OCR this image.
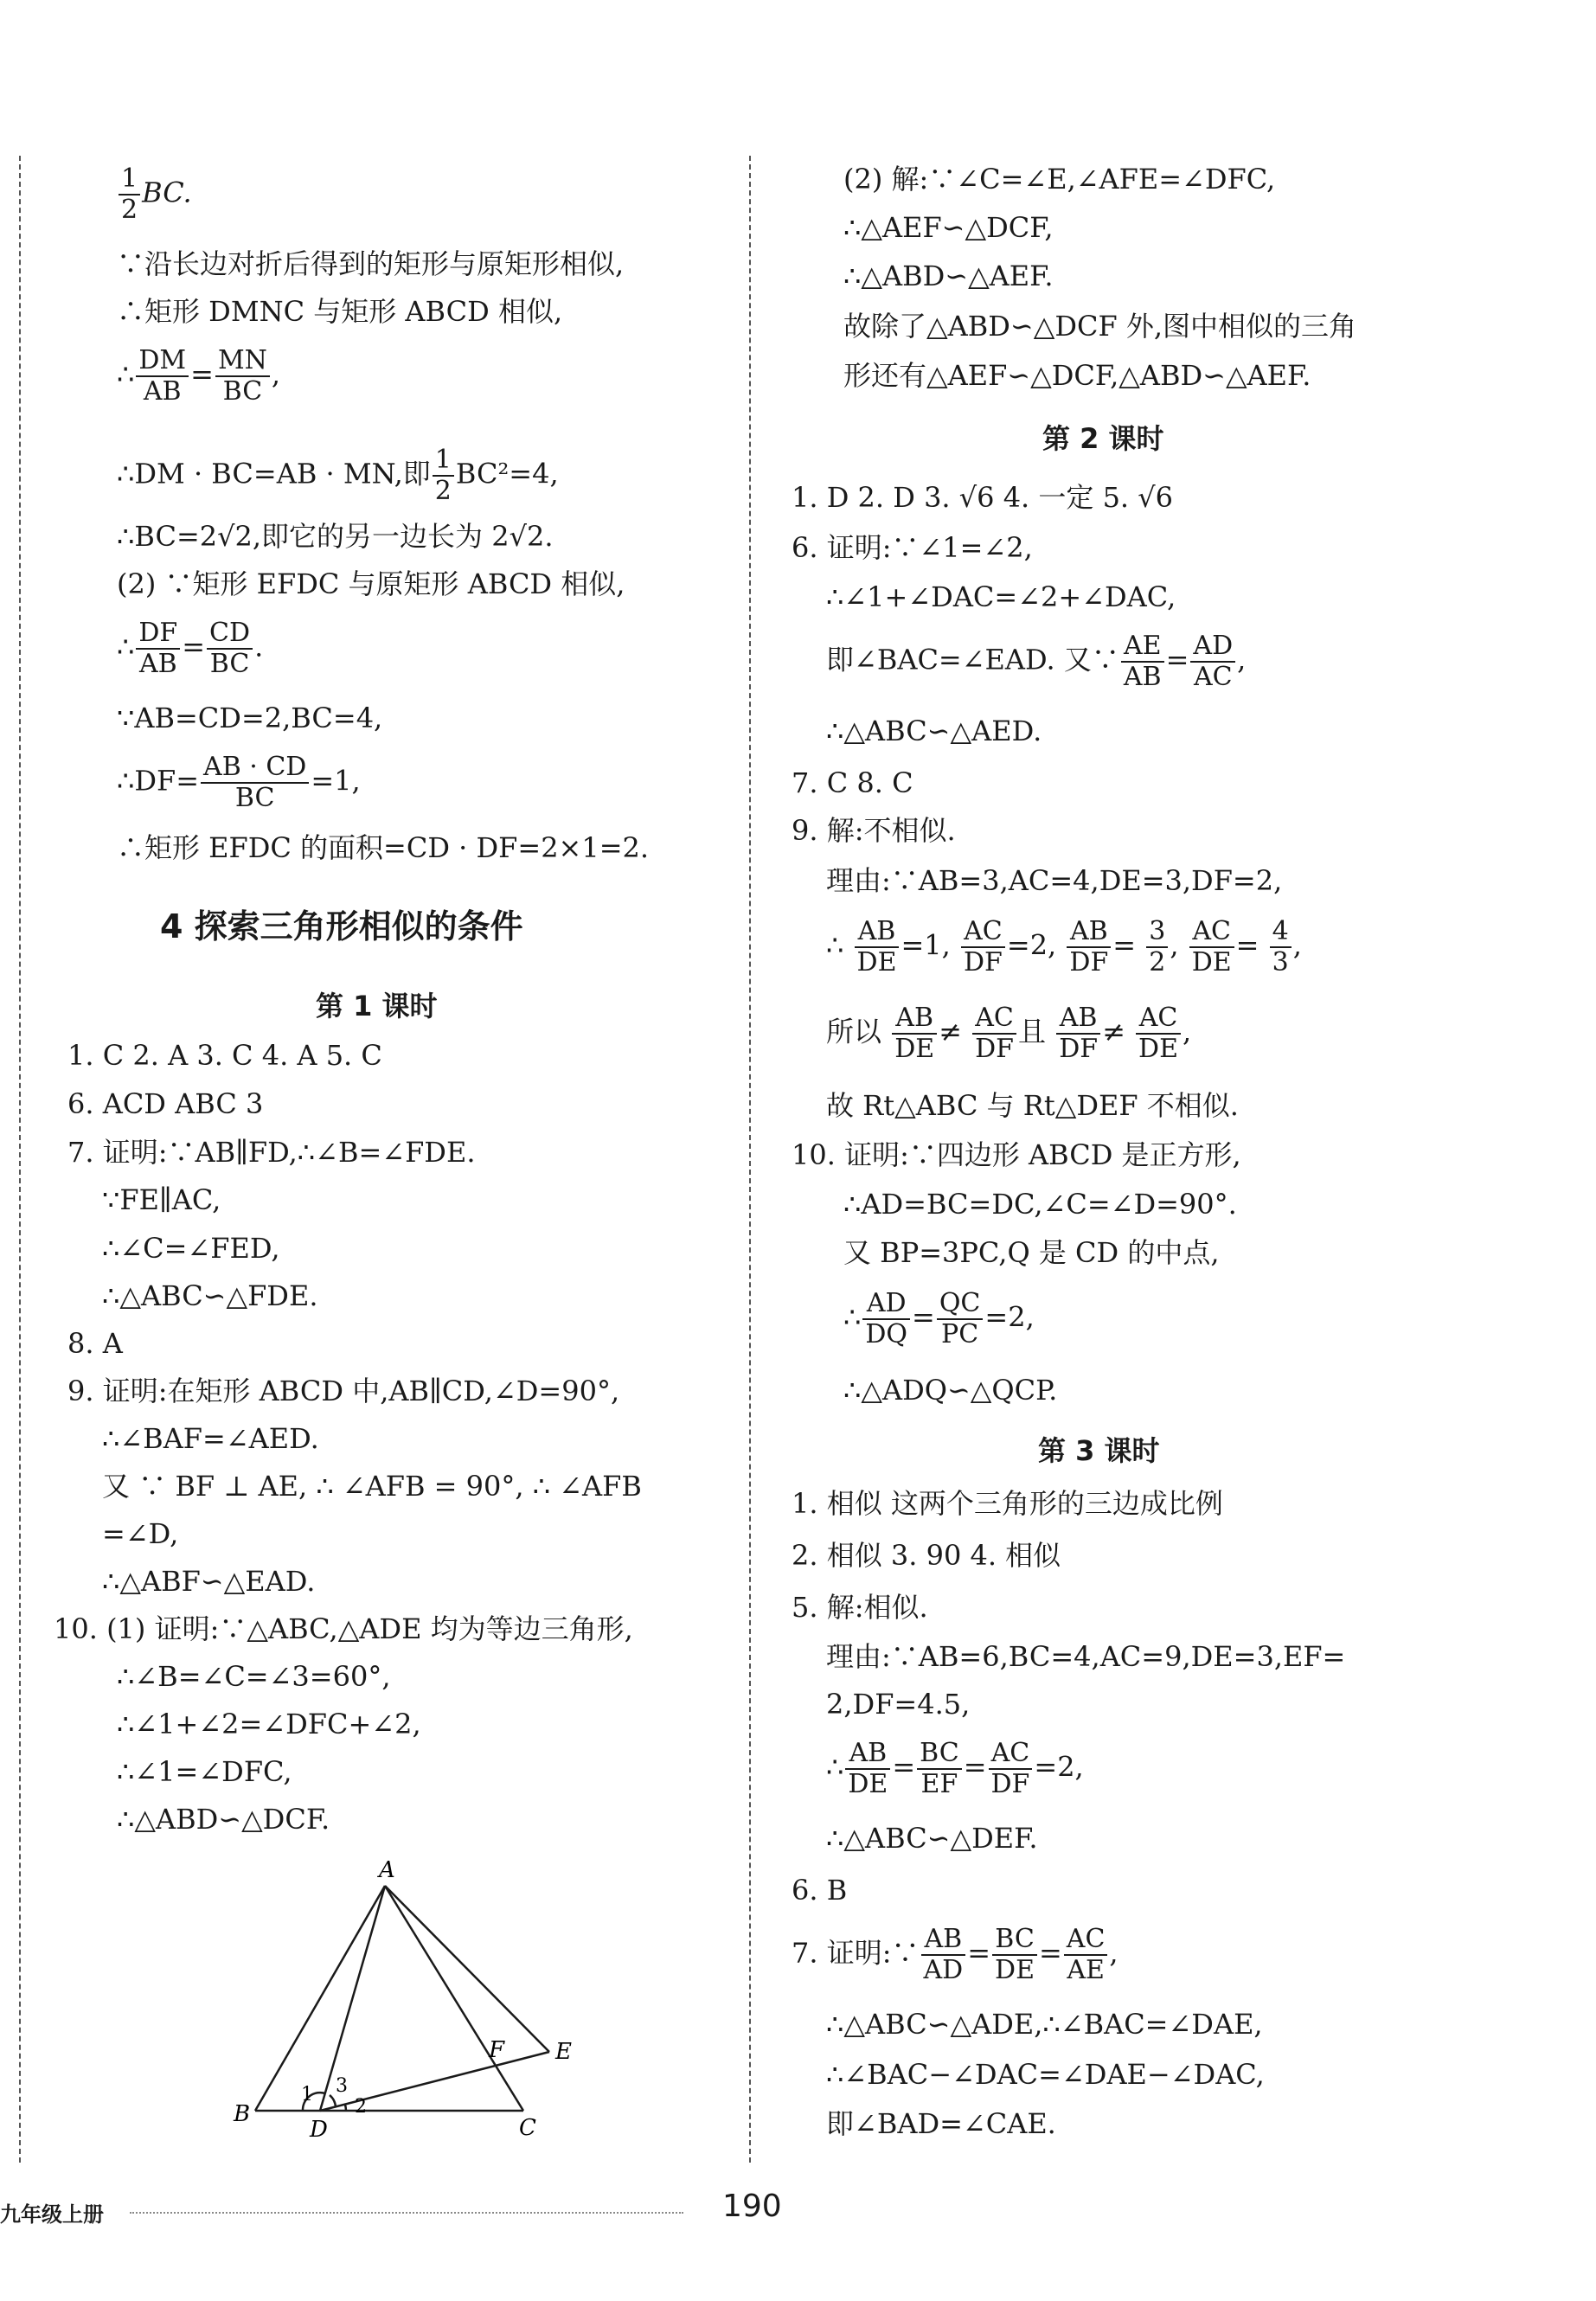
$\frac{1}{2}$ BC.
∵沿长边对折后得到的矩形与原矩形相似,
∴矩形 DMNC 与矩形 ABCD 相似,
∴ $\frac{DM}{AB} = \frac{MN}{BC}$ ,
∴DM · BC=AB · MN,即 $\frac{1}{2} BC^2=4$,
∴BC=2√2,即它的另一边长为 2√2.
(2) ∵矩形 EFDC 与原矩形 ABCD 相似,
∴ $\frac{DF}{AB} = \frac{CD}{BC}$ .
∵AB=CD=2,BC=4,
∴DF= $\frac{AB \cdot CD}{BC} =1$,
∴矩形 EFDC 的面积=CD · DF=2×1=2.
4 探索三角形相似的条件
第 1 课时
1. C 2. A 3. C 4. A 5. C
6. ACD ABC 3
7. 证明:∵AB∥FD,∴∠B=∠FDE.
∵FE∥AC,
∴∠C=∠FED,
∴△ABC∽△FDE.
8. A
9. 证明:在矩形 ABCD 中,AB∥CD,∠D=90°,
∴∠BAF=∠AED.
又 ∵ BF ⊥ AE, ∴ ∠AFB = 90°, ∴ ∠AFB
=∠D,
∴△ABF∽△EAD.
10. (1) 证明:∵△ABC,△ADE 均为等边三角形,
∴∠B=∠C=∠3=60°,
∴∠1+∠2=∠DFC+∠2,
∴∠1=∠DFC,
∴△ABD∽△DCF.
A
B
C
D
E
F
1
2
3
(2) 解:∵∠C=∠E,∠AFE=∠DFC,
∴△AEF∽△DCF,
∴△ABD∽△AEF.
故除了△ABD∽△DCF 外,图中相似的三角
形还有△AEF∽△DCF,△ABD∽△AEF.
第 2 课时
1. D 2. D 3. √6 4. 一定 5. √6
6. 证明:∵∠1=∠2,
∴∠1+∠DAC=∠2+∠DAC,
即∠BAC=∠EAD. 又∵ $\frac{AE}{AB} = \frac{AD}{AC}$ ,
∴△ABC∽△AED.
7. C 8. C
9. 解:不相似.
理由:∵AB=3,AC=4,DE=3,DF=2,
∴ $\frac{AB}{DE} =1$, $\frac{AC}{DF} =2$, $\frac{AB}{DF} = \frac{3}{2}$ , $\frac{AC}{DE} = \frac{4}{3}$ ,
所以 $\frac{AB}{DE} \ne \frac{AC}{DF}$ 且 $\frac{AB}{DF} \ne \frac{AC}{DE}$ ,
故 Rt△ABC 与 Rt△DEF 不相似.
10. 证明:∵四边形 ABCD 是正方形,
∴AD=BC=DC,∠C=∠D=90°.
又 BP=3PC,Q 是 CD 的中点,
∴ $\frac{AD}{DQ} = \frac{QC}{PC} =2$,
∴△ADQ∽△QCP.
第 3 课时
1. 相似 这两个三角形的三边成比例
2. 相似 3. 90 4. 相似
5. 解:相似.
理由:∵AB=6,BC=4,AC=9,DE=3,EF=
2,DF=4.5,
∴ $\frac{AB}{DE} = \frac{BC}{EF} = \frac{AC}{DF} =2$,
∴△ABC∽△DEF.
6. B
7. 证明:∵ $\frac{AB}{AD} = \frac{BC}{DE} = \frac{AC}{AE}$ ,
∴△ABC∽△ADE,∴∠BAC=∠DAE,
∴∠BAC−∠DAC=∠DAE−∠DAC,
即∠BAD=∠CAE.
九年级上册	190
